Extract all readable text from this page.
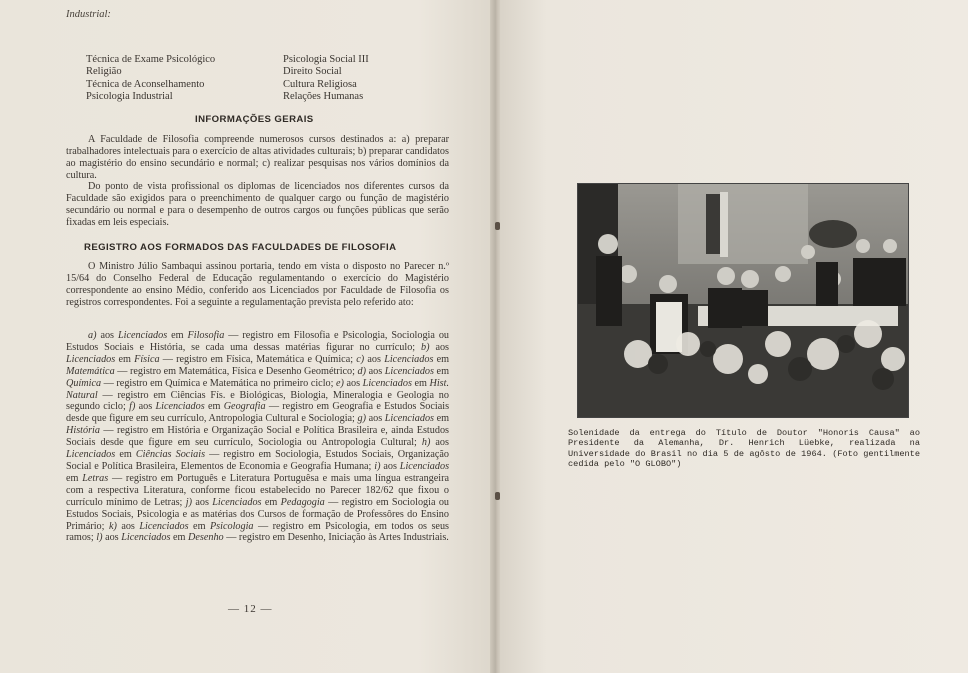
Industrial:
Técnica de Exame Psicológico
Religião
Técnica de Aconselhamento
Psicologia Industrial
Psicologia Social III
Direito Social
Cultura Religiosa
Relações Humanas
INFORMAÇÕES GERAIS
A Faculdade de Filosofia compreende numerosos cursos destinados a: a) preparar trabalhadores intelectuais para o exercício de altas atividades culturais; b) preparar candidatos ao magistério do ensino secundário e normal; c) realizar pesquisas nos vários domínios da cultura.
Do ponto de vista profissional os diplomas de licenciados nos diferentes cursos da Faculdade são exigidos para o preenchimento de qualquer cargo ou função de magistério secundário ou normal e para o desempenho de outros cargos ou funções públicas que serão fixadas em leis especiais.
REGISTRO AOS FORMADOS DAS FACULDADES DE FILOSOFIA
O Ministro Júlio Sambaqui assinou portaria, tendo em vista o disposto no Parecer n.º 15/64 do Conselho Federal de Educação regulamentando o exercício do Magistério correspondente ao ensino Médio, conferido aos Licenciados por Faculdade de Filosofia os registros correspondentes. Foi a seguinte a regulamentação prevista pelo referido ato:
a) aos Licenciados em Filosofia — registro em Filosofia e Psicologia, Sociologia ou Estudos Sociais e História, se cada uma dessas matérias figurar no currículo; b) aos Licenciados em Física — registro em Física, Matemática e Química; c) aos Licenciados em Matemática — registro em Matemática, Física e Desenho Geométrico; d) aos Licenciados em Química — registro em Química e Matemática no primeiro ciclo; e) aos Licenciados em Hist. Natural — registro em Ciências Fís. e Biológicas, Biologia, Mineralogia e Geologia no segundo ciclo; f) aos Licenciados em Geografia — registro em Geografia e Estudos Sociais desde que figure em seu currículo, Antropologia Cultural e Sociologia; g) aos Licenciados em História — registro em História e Organização Social e Política Brasileira e, ainda Estudos Sociais desde que figure em seu currículo, Sociologia ou Antropologia Cultural; h) aos Licenciados em Ciências Sociais — registro em Sociologia, Estudos Sociais, Organização Social e Política Brasileira, Elementos de Economia e Geografia Humana; i) aos Licenciados em Letras — registro em Português e Literatura Portuguêsa e mais uma língua estrangeira com a respectiva Literatura, conforme ficou estabelecido no Parecer 182/62 que fixou o currículo mínimo de Letras; j) aos Licenciados em Pedagogia — registro em Sociologia ou Estudos Sociais, Psicologia e as matérias dos Cursos de formação de Professôres do Ensino Primário; k) aos Licenciados em Psicologia — registro em Psicologia, em todos os seus ramos; l) aos Licenciados em Desenho — registro em Desenho, Iniciação às Artes Industriais.
— 12 —
Solenidade da entrega do Título de Doutor "Honoris Causa" ao Presidente da Alemanha, Dr. Henrich Lüebke, realizada na Universidade do Brasil no dia 5 de agôsto de 1964. (Foto gentilmente cedida pelo "O GLOBO")
